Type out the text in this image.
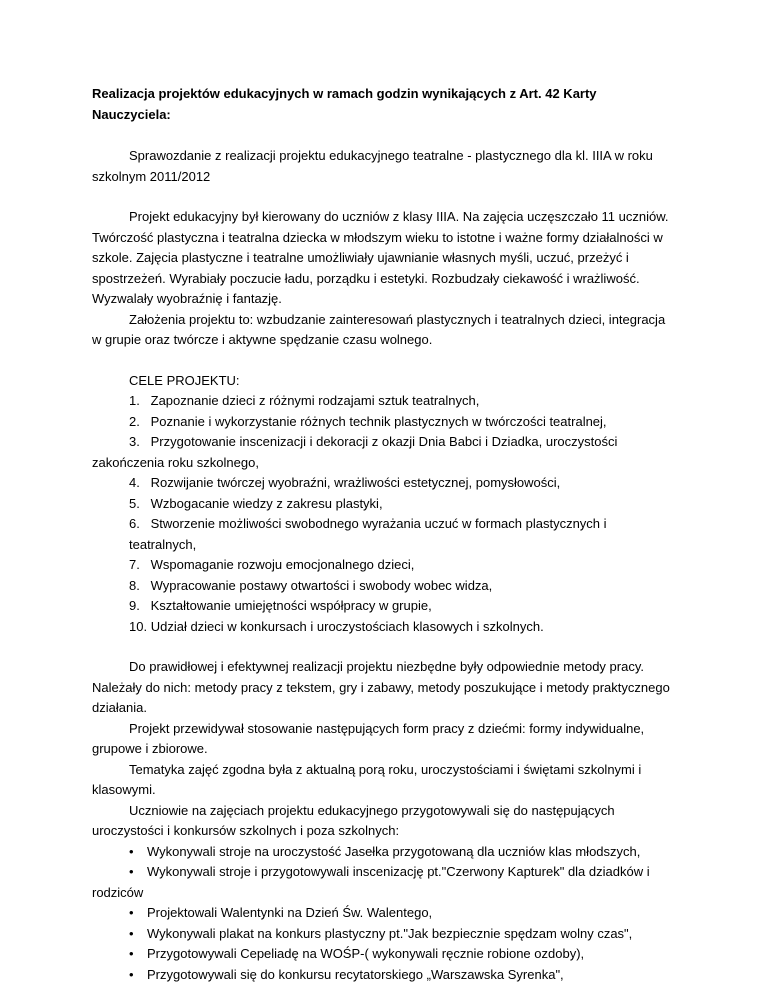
Realizacja projektów edukacyjnych w ramach godzin wynikających z Art. 42 Karty Nauczyciela:

Sprawozdanie z realizacji projektu edukacyjnego teatralne - plastycznego dla kl. IIIA w roku szkolnym 2011/2012

Projekt edukacyjny był kierowany do uczniów z klasy IIIA. Na zajęcia uczęszczało 11 uczniów. Twórczość plastyczna i teatralna dziecka w młodszym wieku to istotne i ważne formy działalności w szkole. Zajęcia plastyczne i teatralne umożliwiały ujawnianie własnych myśli, uczuć, przeżyć i spostrzeżeń. Wyrabiały poczucie ładu, porządku i estetyki. Rozbudzały ciekawość i wrażliwość. Wyzwalały wyobraźnię i fantazję.

Założenia projektu to: wzbudzanie zainteresowań plastycznych i teatralnych dzieci, integracja w grupie oraz twórcze i aktywne spędzanie czasu wolnego.

CELE PROJEKTU:

1. Zapoznanie dzieci z różnymi rodzajami sztuk teatralnych,

2. Poznanie i wykorzystanie różnych technik plastycznych w twórczości teatralnej,

3. Przygotowanie inscenizacji i dekoracji z okazji Dnia Babci i Dziadka, uroczystości zakończenia roku szkolnego,

4. Rozwijanie twórczej wyobraźni, wrażliwości estetycznej, pomysłowości,

5. Wzbogacanie wiedzy z zakresu plastyki,

6. Stworzenie możliwości swobodnego wyrażania uczuć w formach plastycznych i teatralnych,

7. Wspomaganie rozwoju emocjonalnego dzieci,

8. Wypracowanie postawy otwartości i swobody wobec widza,

9. Kształtowanie umiejętności współpracy w grupie,

10. Udział dzieci w konkursach i uroczystościach klasowych i szkolnych.

Do prawidłowej i efektywnej realizacji projektu niezbędne były odpowiednie metody pracy. Należały do nich: metody pracy z tekstem, gry i zabawy, metody poszukujące i metody praktycznego działania.

Projekt przewidywał stosowanie następujących form pracy z dziećmi: formy indywidualne, grupowe i zbiorowe.

Tematyka zajęć zgodna była z aktualną porą roku, uroczystościami i świętami szkolnymi i klasowymi.

Uczniowie na zajęciach projektu edukacyjnego przygotowywali się do następujących uroczystości i konkursów szkolnych i poza szkolnych:

• Wykonywali stroje na uroczystość Jasełka przygotowaną dla uczniów klas młodszych,

• Wykonywali stroje i przygotowywali inscenizację pt."Czerwony Kapturek" dla dziadków i rodziców

• Projektowali Walentynki na Dzień Św. Walentego,

• Wykonywali plakat na konkurs plastyczny pt."Jak bezpiecznie spędzam wolny czas",

• Przygotowywali Cepeliadę na WOŚP-( wykonywali ręcznie robione ozdoby),

• Przygotowywali się do konkursu recytatorskiego „Warszawska Syrenka",
